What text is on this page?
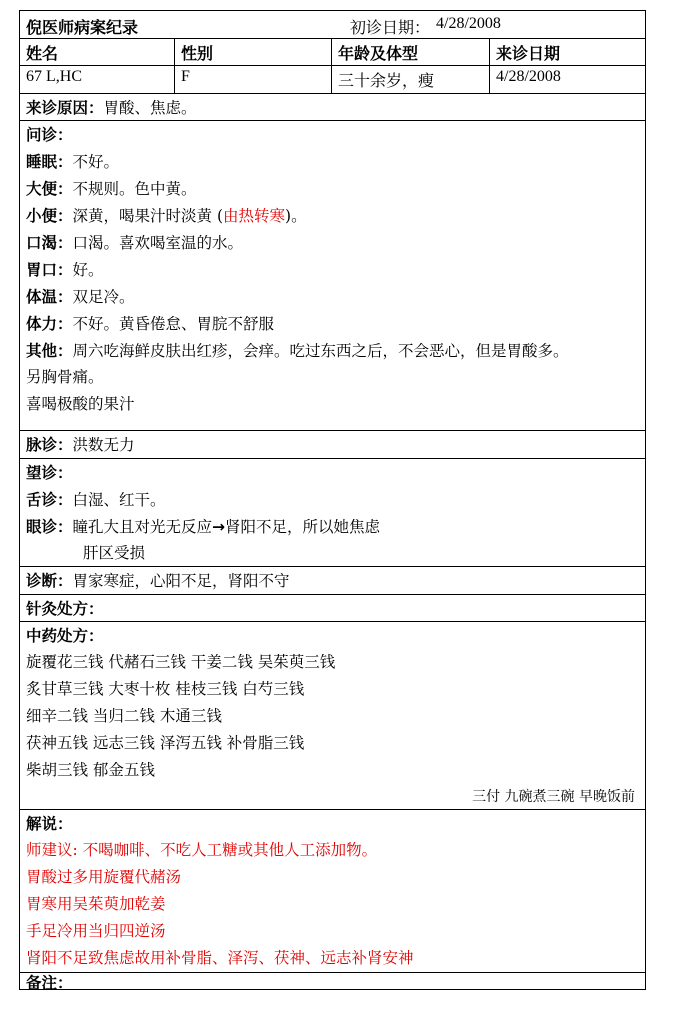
倪医师病案纪录	初诊日期： 4/28/2008
姓名	性别	年龄及体型	来诊日期
67 L,HC	F	三十余岁，瘦	4/28/2008
来诊原因：胃酸、焦虑。
问诊：
睡眠：不好。
大便：不规则。色中黄。
小便：深黄，喝果汁时淡黄 (由热转寒)。
口渴：口渴。喜欢喝室温的水。
胃口：好。
体温：双足冷。
体力：不好。黄昏倦怠、胃脘不舒服
其他：周六吃海鲜皮肤出红疹，会痒。吃过东西之后，不会恶心，但是胃酸多。
另胸骨痛。
喜喝极酸的果汁
脉诊：洪数无力
望诊：
舌诊：白湿、红干。
眼诊：瞳孔大且对光无反应→肾阳不足，所以她焦虑
肝区受损
诊断：胃家寒症，心阳不足，肾阳不守
针灸处方：
中药处方：
旋覆花三钱 代赭石三钱 干姜二钱 吴茱萸三钱
炙甘草三钱 大枣十枚 桂枝三钱 白芍三钱
细辛二钱 当归二钱 木通三钱
茯神五钱 远志三钱 泽泻五钱 补骨脂三钱
柴胡三钱 郁金五钱
三付 九碗煮三碗 早晚饭前
解说：
师建议: 不喝咖啡、不吃人工糖或其他人工添加物。
胃酸过多用旋覆代赭汤
胃寒用吴茱萸加乾姜
手足冷用当归四逆汤
肾阳不足致焦虑故用补骨脂、泽泻、茯神、远志补肾安神
备注：
